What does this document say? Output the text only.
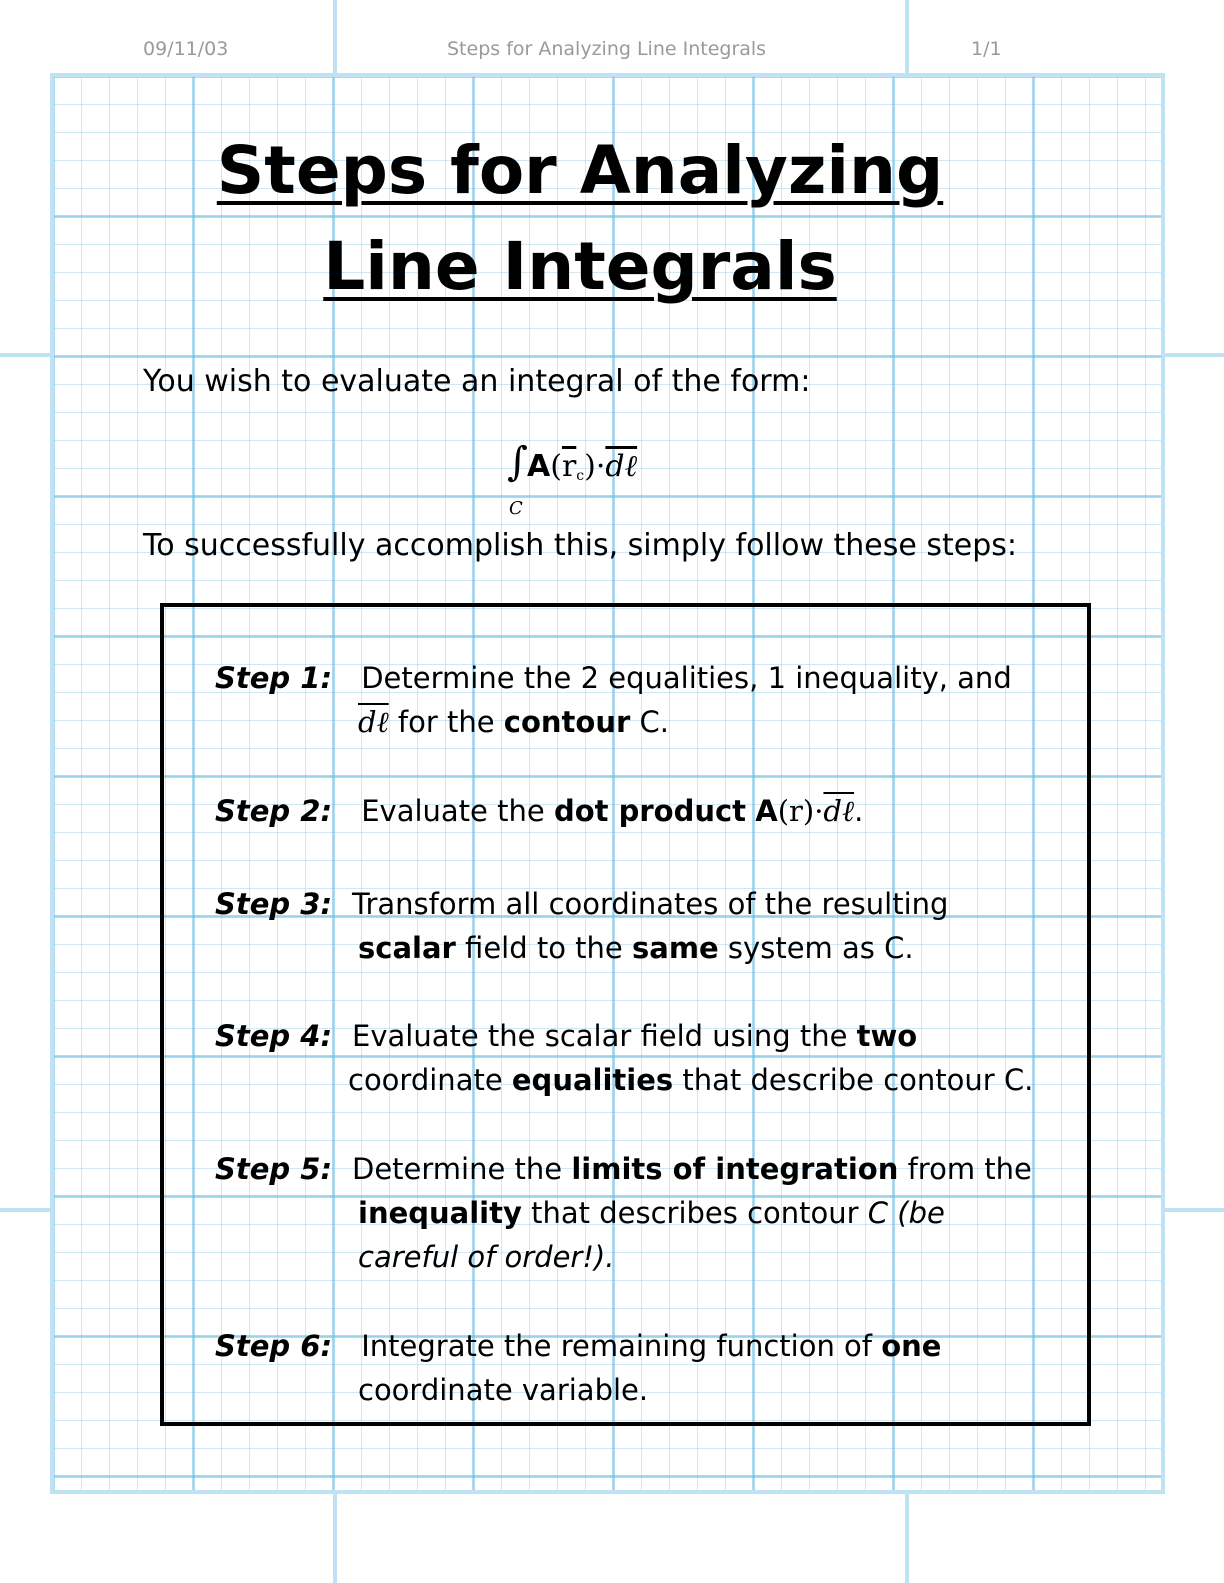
09/11/03	Steps for Analyzing Line Integrals	1/1
Steps for Analyzing
Line Integrals
You wish to evaluate an integral of the form:
∫
C
$A(\overline{r}c)\cdot d\ell$
To successfully accomplish this, simply follow these steps:
Step 1: Determine the 2 equalities, 1 inequality, and
dℓ for the contour C.
Step 2: Evaluate the dot product A(r)·dℓ.
Step 3: Transform all coordinates of the resulting
scalar field to the same system as C.
Step 4: Evaluate the scalar field using the two
coordinate equalities that describe contour C.
Step 5: Determine the limits of integration from the
inequality that describes contour C (be
careful of order!).
Step 6: Integrate the remaining function of one
coordinate variable.
